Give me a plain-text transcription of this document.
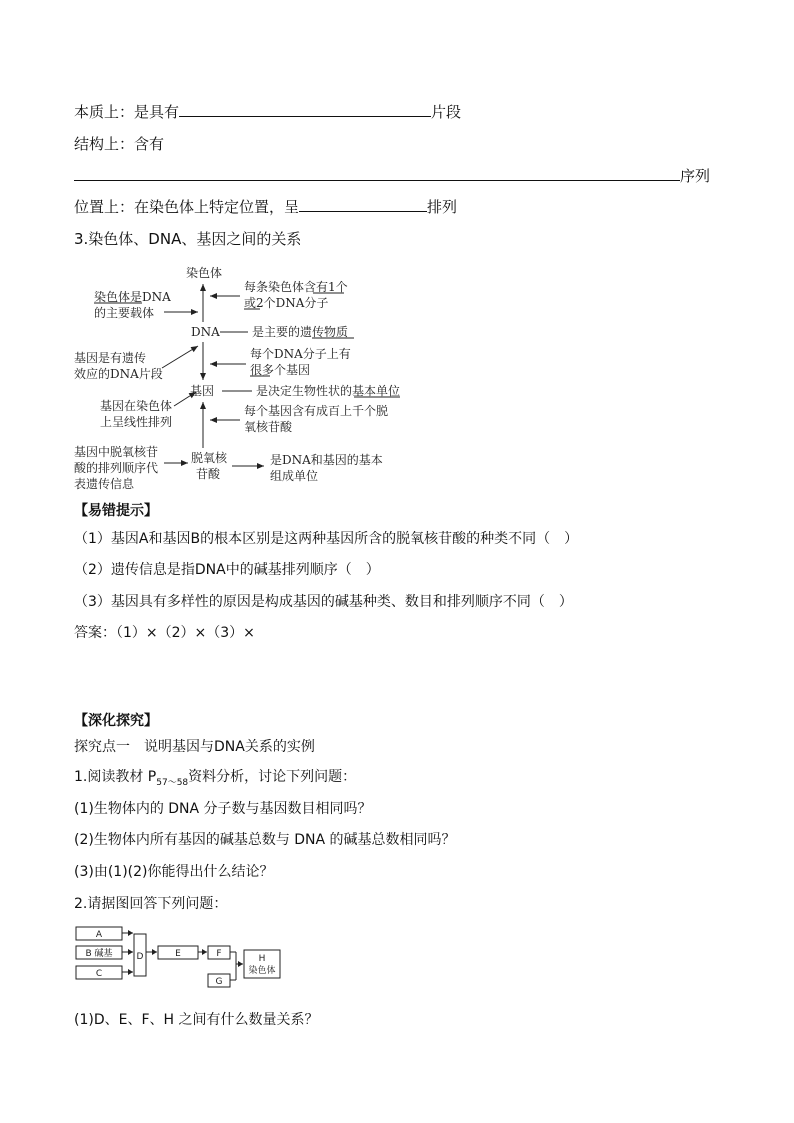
本质上：是具有	片段
结构上：含有
序列
位置上：在染色体上特定位置，呈	排列
3.染色体、DNA、基因之间的关系
染色体
DNA
基因
脱氧核
苷酸
染色体是DNA
的主要载体
基因是有遗传
效应的DNA片段
基因在染色体
上呈线性排列
基因中脱氧核苷
酸的排列顺序代
表遗传信息
每条染色体含有1个
或2个DNA分子
是主要的遗传物质
每个DNA分子上有
很多个基因
是决定生物性状的基本单位
每个基因含有成百上千个脱
氧核苷酸
是DNA和基因的基本
组成单位
【易错提示】
（1）基因A和基因B的根本区别是这两种基因所含的脱氧核苷酸的种类不同（　）
（2）遗传信息是指DNA中的碱基排列顺序（　）
（3）基因具有多样性的原因是构成基因的碱基种类、数目和排列顺序不同（　）
答案：（1）×（2）×（3）×
【深化探究】
探究点一　说明基因与DNA关系的实例
1.阅读教材 $P_{57\sim 58}$资料分析，讨论下列问题：
(1)生物体内的 DNA 分子数与基因数目相同吗？
(2)生物体内所有基因的碱基总数与 DNA 的碱基总数相同吗？
(3)由(1)(2)你能得出什么结论？
2.请据图回答下列问题：
A
B 碱基
C
D	E	F
G
H
染色体
(1)D、E、F、H 之间有什么数量关系？
